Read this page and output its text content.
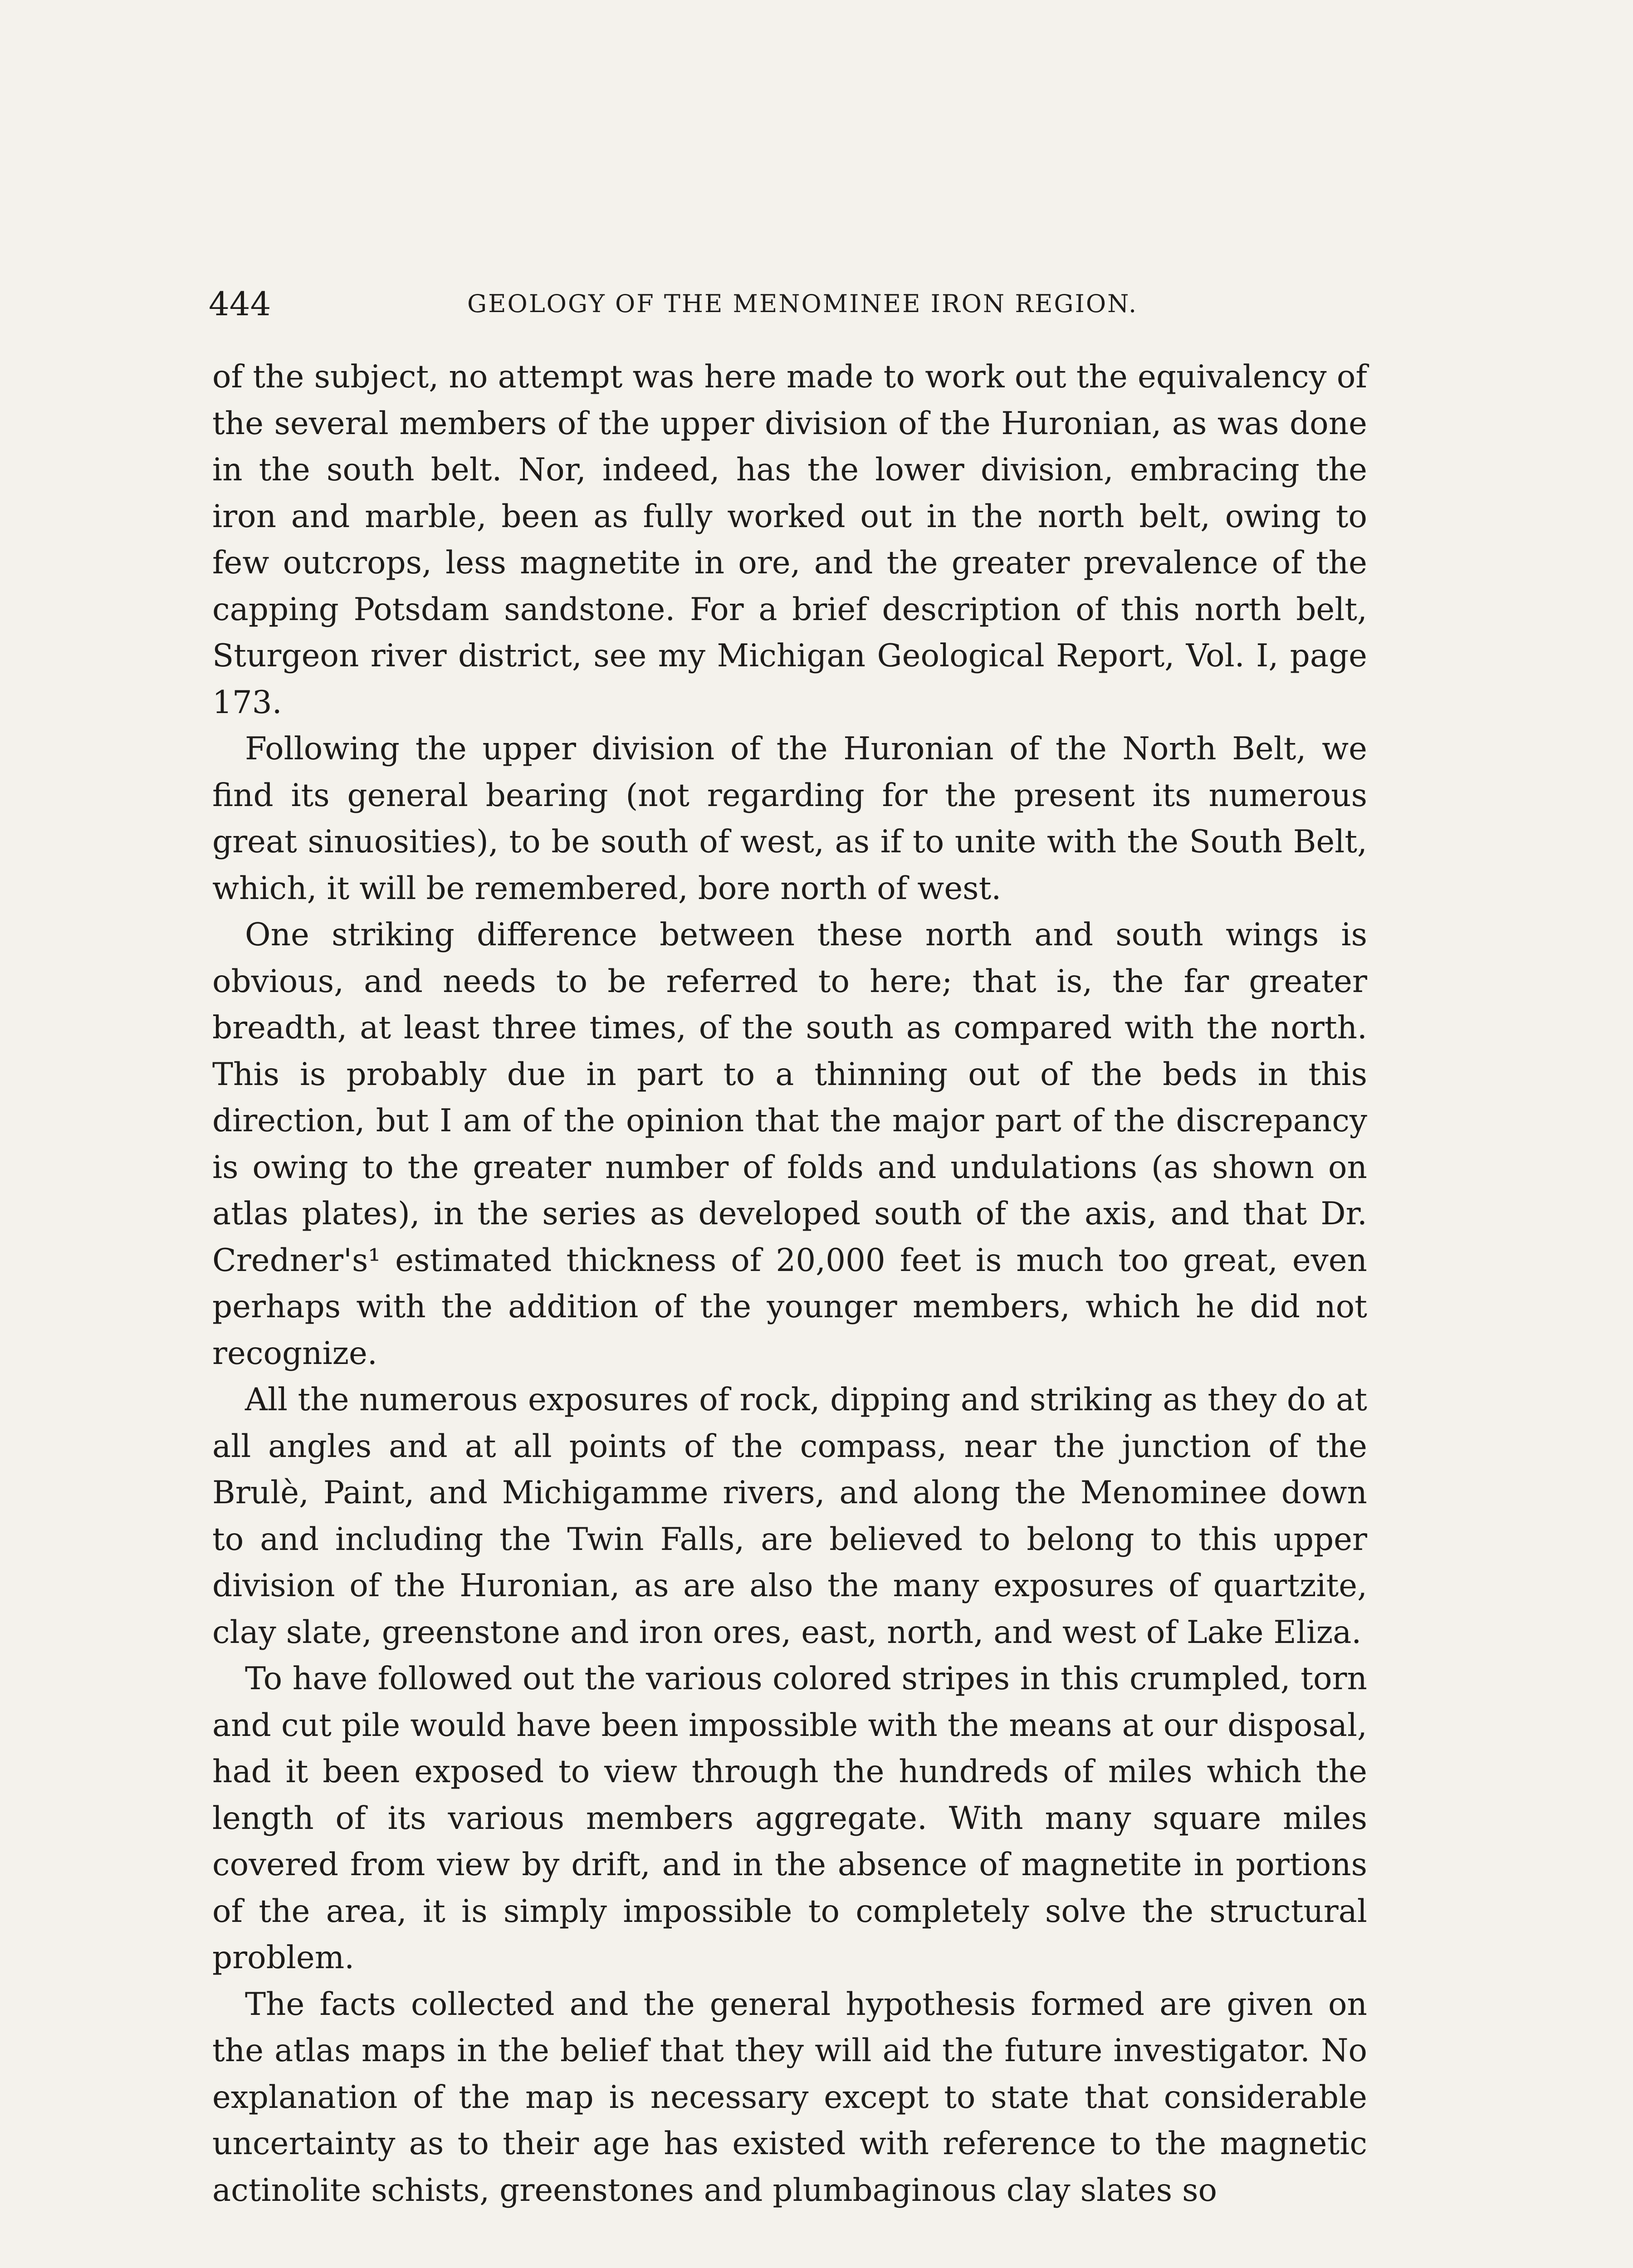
444	GEOLOGY OF THE MENOMINEE IRON REGION.

of the subject, no attempt was here made to work out the equivalency of the several members of the upper division of the Huronian, as was done in the south belt. Nor, indeed, has the lower division, embracing the iron and marble, been as fully worked out in the north belt, owing to few outcrops, less magnetite in ore, and the greater prevalence of the capping Potsdam sandstone. For a brief description of this north belt, Sturgeon river district, see my Michigan Geological Report, Vol. I, page 173.

Following the upper division of the Huronian of the North Belt, we find its general bearing (not regarding for the present its numerous great sinuosities), to be south of west, as if to unite with the South Belt, which, it will be remembered, bore north of west.

One striking difference between these north and south wings is obvious, and needs to be referred to here; that is, the far greater breadth, at least three times, of the south as compared with the north. This is probably due in part to a thinning out of the beds in this direction, but I am of the opinion that the major part of the discrepancy is owing to the greater number of folds and undulations (as shown on atlas plates), in the series as developed south of the axis, and that Dr. Credner's¹ estimated thickness of 20,000 feet is much too great, even perhaps with the addition of the younger members, which he did not recognize.

All the numerous exposures of rock, dipping and striking as they do at all angles and at all points of the compass, near the junction of the Brulè, Paint, and Michigamme rivers, and along the Menominee down to and including the Twin Falls, are believed to belong to this upper division of the Huronian, as are also the many exposures of quartzite, clay slate, greenstone and iron ores, east, north, and west of Lake Eliza.

To have followed out the various colored stripes in this crumpled, torn and cut pile would have been impossible with the means at our disposal, had it been exposed to view through the hundreds of miles which the length of its various members aggregate. With many square miles covered from view by drift, and in the absence of magnetite in portions of the area, it is simply impossible to completely solve the structural problem.

The facts collected and the general hypothesis formed are given on the atlas maps in the belief that they will aid the future investigator. No explanation of the map is necessary except to state that considerable uncertainty as to their age has existed with reference to the magnetic actinolite schists, greenstones and plumbaginous clay slates so
